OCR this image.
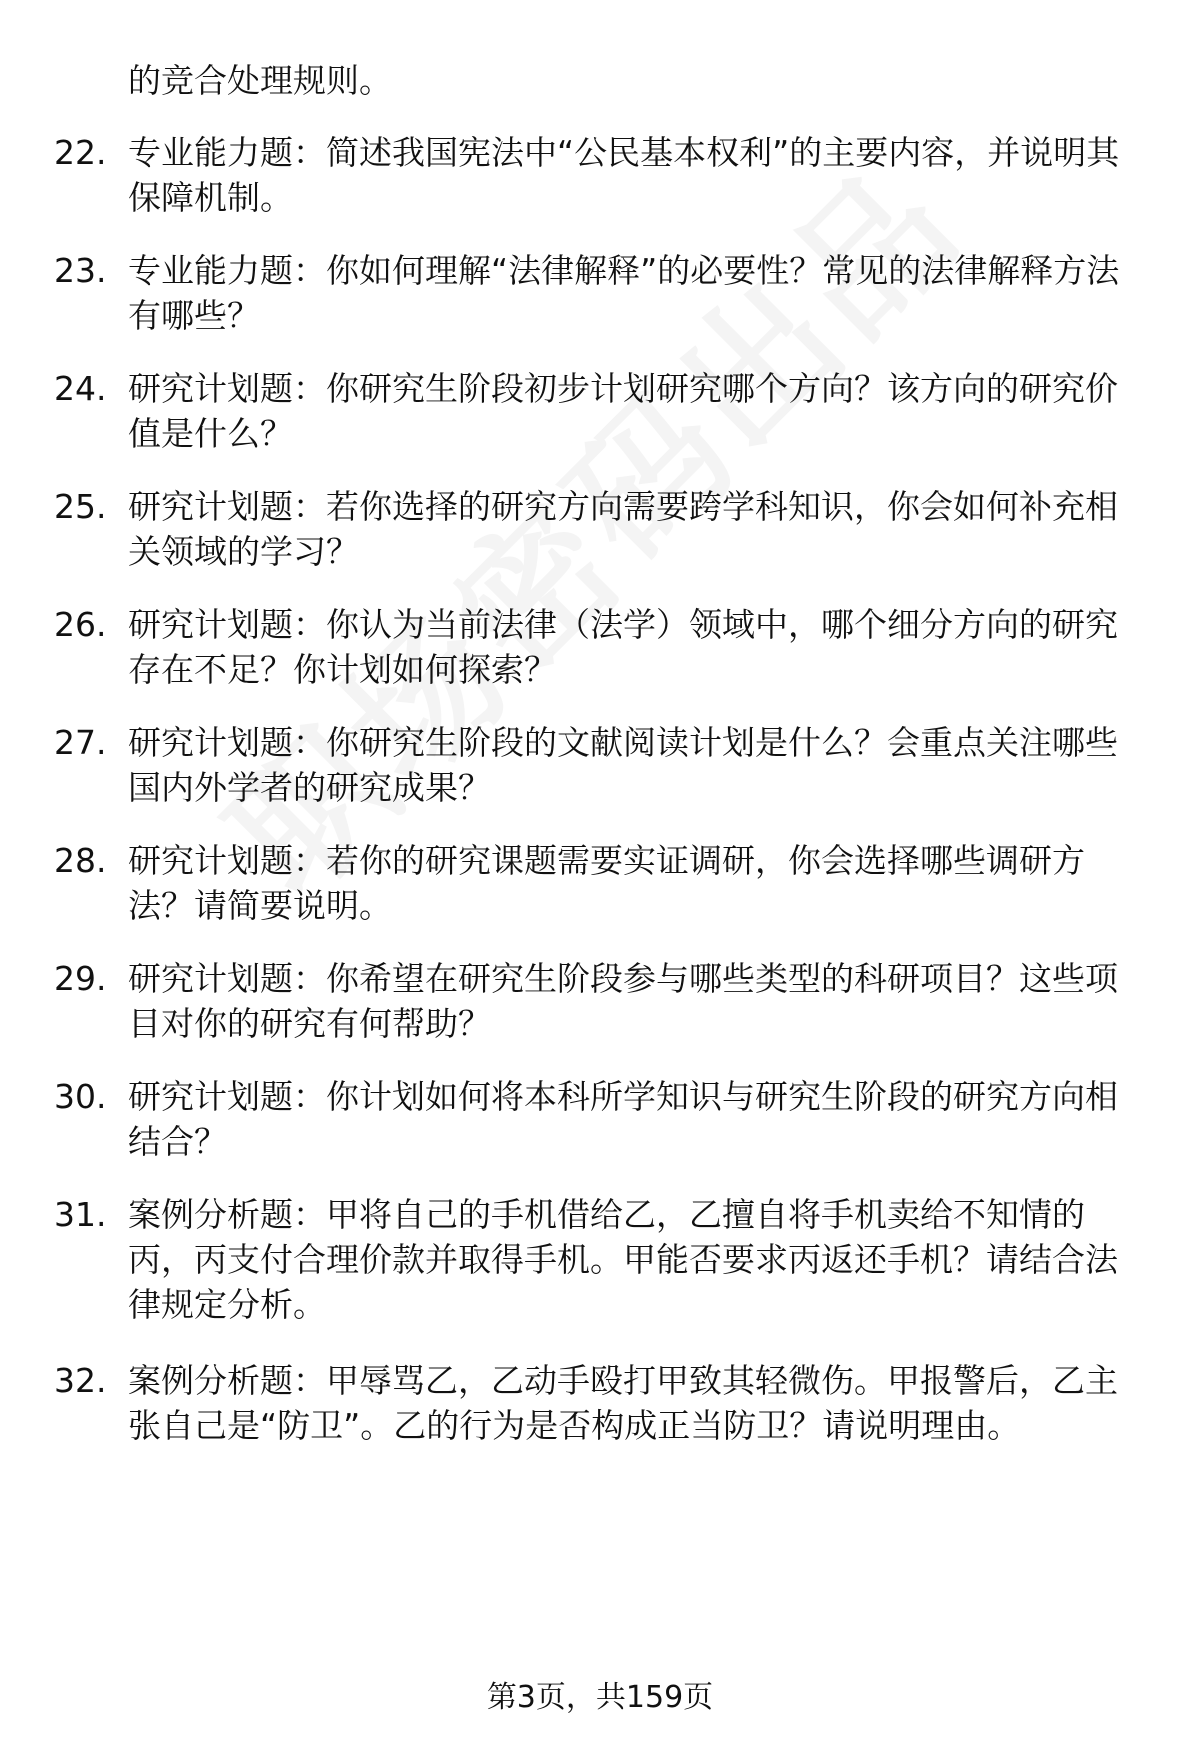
的竞合处理规则。
22. 专业能力题：简述我国宪法中“公民基本权利”的主要内容，并说明其保障机制。
23. 专业能力题：你如何理解“法律解释”的必要性？常见的法律解释方法有哪些？
24. 研究计划题：你研究生阶段初步计划研究哪个方向？该方向的研究价值是什么？
25. 研究计划题：若你选择的研究方向需要跨学科知识，你会如何补充相关领域的学习？
26. 研究计划题：你认为当前法律（法学）领域中，哪个细分方向的研究存在不足？你计划如何探索？
27. 研究计划题：你研究生阶段的文献阅读计划是什么？会重点关注哪些国内外学者的研究成果？
28. 研究计划题：若你的研究课题需要实证调研，你会选择哪些调研方法？请简要说明。
29. 研究计划题：你希望在研究生阶段参与哪些类型的科研项目？这些项目对你的研究有何帮助？
30. 研究计划题：你计划如何将本科所学知识与研究生阶段的研究方向相结合？
31. 案例分析题：甲将自己的手机借给乙，乙擅自将手机卖给不知情的丙，丙支付合理价款并取得手机。甲能否要求丙返还手机？请结合法律规定分析。
32. 案例分析题：甲辱骂乙，乙动手殴打甲致其轻微伤。甲报警后，乙主张自己是“防卫”。乙的行为是否构成正当防卫？请说明理由。
第3页，共159页
